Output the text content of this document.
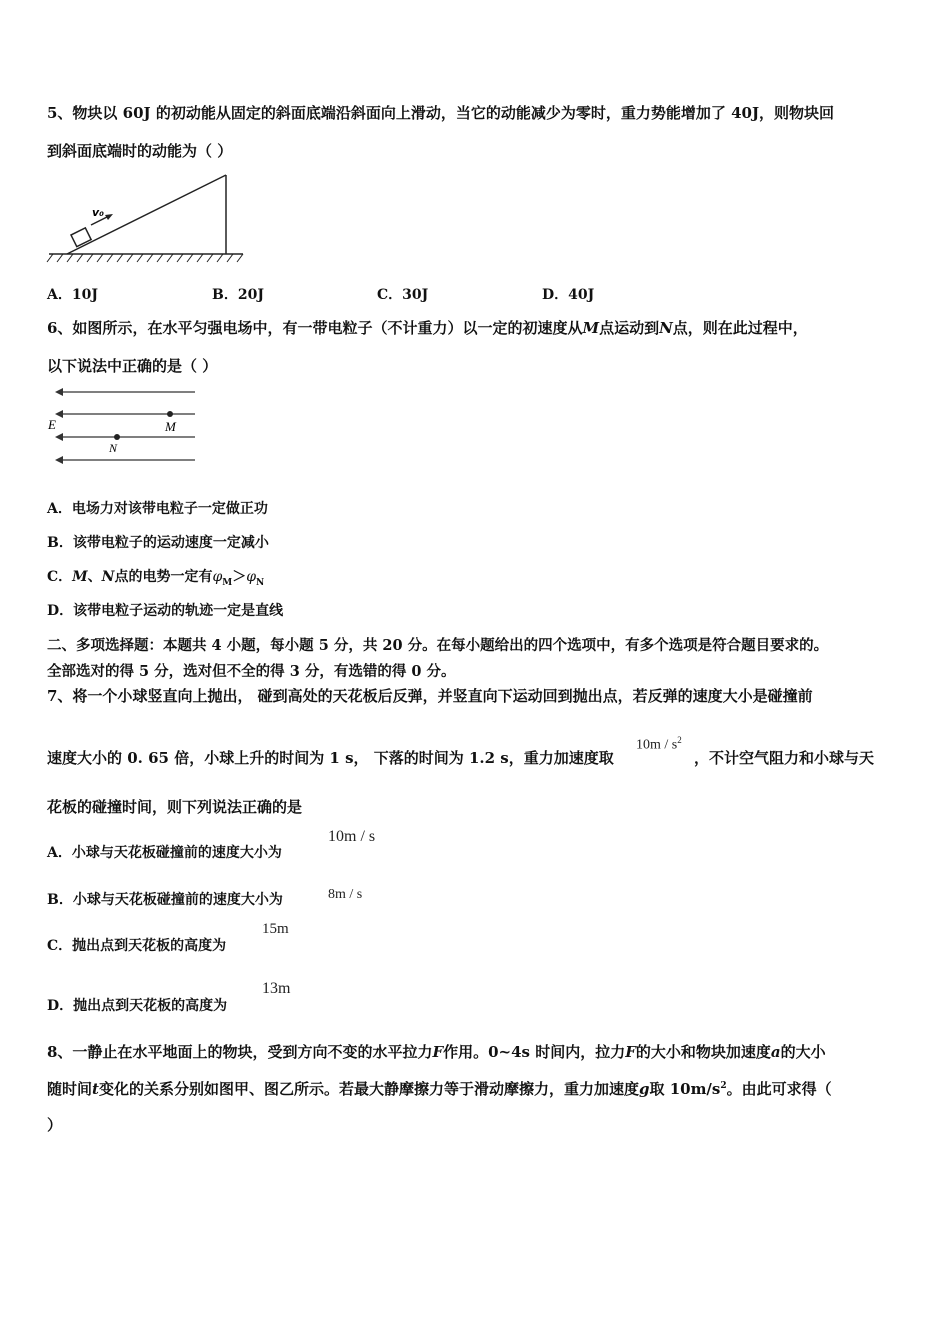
5、物块以 60J 的初动能从固定的斜面底端沿斜面向上滑动，当它的动能减少为零时，重力势能增加了 40J，则物块回
到斜面底端时的动能为（ ）
v₀
A．10J	B．20J	C．30J	D．40J
6、如图所示，在水平匀强电场中，有一带电粒子（不计重力）以一定的初速度从M点运动到N点，则在此过程中，
以下说法中正确的是（ ）
E	M
N
A．电场力对该带电粒子一定做正功
B．该带电粒子的运动速度一定减小
C．M、N点的电势一定有$\varphi_M>\varphi_N$
D．该带电粒子运动的轨迹一定是直线
二、多项选择题：本题共 4 小题，每小题 5 分，共 20 分。在每小题给出的四个选项中，有多个选项是符合题目要求的。
全部选对的得 5 分，选对但不全的得 3 分，有选错的得 0 分。
7、将一个小球竖直向上抛出， 碰到高处的天花板后反弹，并竖直向下运动回到抛出点，若反弹的速度大小是碰撞前
速度大小的 0. 65 倍，小球上升的时间为 1 s， 下落的时间为 1.2 s，重力加速度取
$10m / s^2$
，不计空气阻力和小球与天
花板的碰撞时间，则下列说法正确的是
A．小球与天花板碰撞前的速度大小为
10m / s
B．小球与天花板碰撞前的速度大小为	8m / s
C．抛出点到天花板的高度为
15m
D．抛出点到天花板的高度为
13m
8、一静止在水平地面上的物块，受到方向不变的水平拉力F作用。0~4s 时间内，拉力F的大小和物块加速度a的大小
随时间t变化的关系分别如图甲、图乙所示。若最大静摩擦力等于滑动摩擦力，重力加速度g取 $10m/s^2$。由此可求得（
）
